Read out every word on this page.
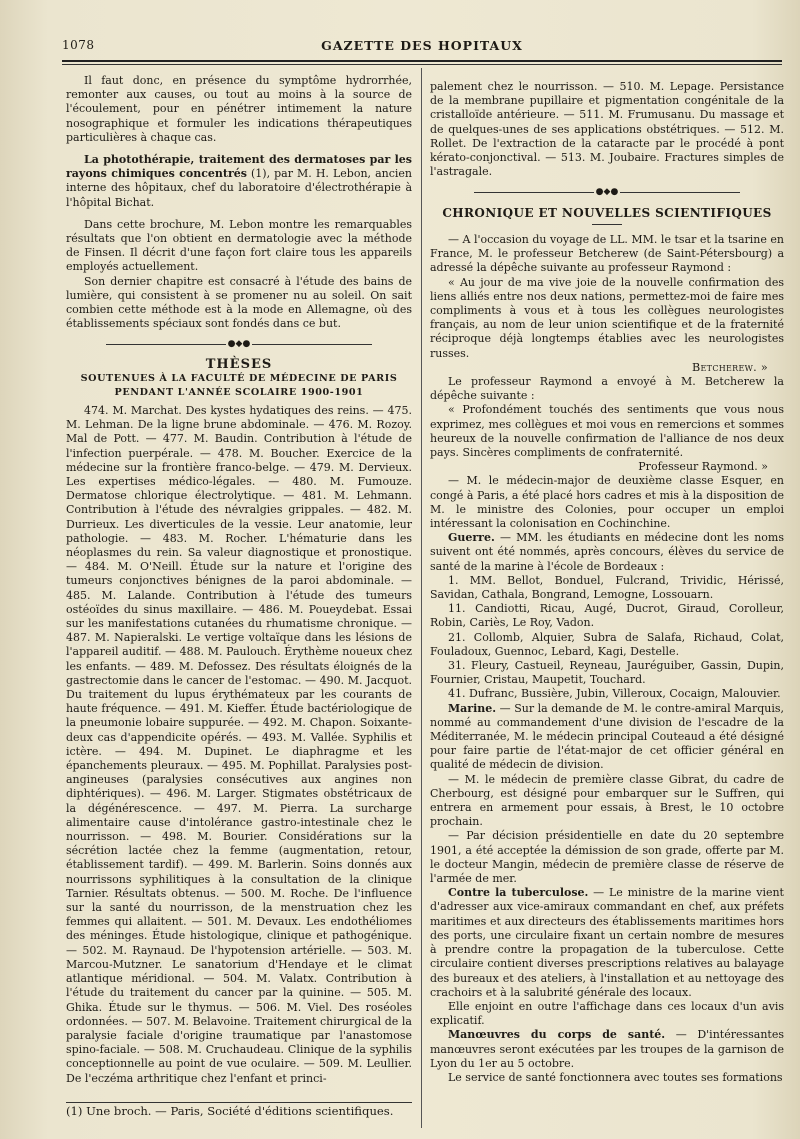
1078	GAZETTE DES HOPITAUX

Il faut donc, en présence du symptôme hydrorrhée, remonter aux causes, ou tout au moins à la source de l'écoulement, pour en pénétrer intimement la nature nosographique et formuler les indications thérapeutiques particulières à chaque cas.

La photothérapie, traitement des dermatoses par les rayons chimiques concentrés (1), par M. H. Lebon, ancien interne des hôpitaux, chef du laboratoire d'électrothérapie à l'hôpital Bichat.

Dans cette brochure, M. Lebon montre les remarquables résultats que l'on obtient en dermatologie avec la méthode de Finsen. Il décrit d'une façon fort claire tous les appareils employés actuellement.

Son dernier chapitre est consacré à l'étude des bains de lumière, qui consistent à se promener nu au soleil. On sait combien cette méthode est à la mode en Allemagne, où des établissements spéciaux sont fondés dans ce but.

●◆●
THÈSES
SOUTENUES À LA FACULTÉ DE MÉDECINE DE PARIS
PENDANT L'ANNÉE SCOLAIRE 1900-1901

474. M. Marchat. Des kystes hydatiques des reins. — 475. M. Lehman. De la ligne brune abdominale. — 476. M. Rozoy. Mal de Pott. — 477. M. Baudin. Contribution à l'étude de l'infection puerpérale. — 478. M. Boucher. Exercice de la médecine sur la frontière franco-belge. — 479. M. Dervieux. Les expertises médico-légales. — 480. M. Fumouze. Dermatose chlorique électrolytique. — 481. M. Lehmann. Contribution à l'étude des névralgies grippales. — 482. M. Durrieux. Les diverticules de la vessie. Leur anatomie, leur pathologie. — 483. M. Rocher. L'hématurie dans les néoplasmes du rein. Sa valeur diagnostique et pronostique. — 484. M. O'Neill. Étude sur la nature et l'origine des tumeurs conjonctives bénignes de la paroi abdominale. — 485. M. Lalande. Contribution à l'étude des tumeurs ostéoïdes du sinus maxillaire. — 486. M. Poueydebat. Essai sur les manifestations cutanées du rhumatisme chronique. — 487. M. Napieralski. Le vertige voltaïque dans les lésions de l'appareil auditif. — 488. M. Paulouch. Érythème noueux chez les enfants. — 489. M. Defossez. Des résultats éloignés de la gastrectomie dans le cancer de l'estomac. — 490. M. Jacquot. Du traitement du lupus érythémateux par les courants de haute fréquence. — 491. M. Kieffer. Étude bactériologique de la pneumonie lobaire suppurée. — 492. M. Chapon. Soixante-deux cas d'appendicite opérés. — 493. M. Vallée. Syphilis et ictère. — 494. M. Dupinet. Le diaphragme et les épanchements pleuraux. — 495. M. Pophillat. Paralysies post-angineuses (paralysies consécutives aux angines non diphtériques). — 496. M. Larger. Stigmates obstétricaux de la dégénérescence. — 497. M. Pierra. La surcharge alimentaire cause d'intolérance gastro-intestinale chez le nourrisson. — 498. M. Bourier. Considérations sur la sécrétion lactée chez la femme (augmentation, retour, établissement tardif). — 499. M. Barlerin. Soins donnés aux nourrissons syphilitiques à la consultation de la clinique Tarnier. Résultats obtenus. — 500. M. Roche. De l'influence sur la santé du nourrisson, de la menstruation chez les femmes qui allaitent. — 501. M. Devaux. Les endothéliomes des méninges. Étude histologique, clinique et pathogénique. — 502. M. Raynaud. De l'hypotension artérielle. — 503. M. Marcou-Mutzner. Le sanatorium d'Hendaye et le climat atlantique méridional. — 504. M. Valatx. Contribution à l'étude du traitement du cancer par la quinine. — 505. M. Ghika. Étude sur le thymus. — 506. M. Viel. Des roséoles ordonnées. — 507. M. Belavoine. Traitement chirurgical de la paralysie faciale d'origine traumatique par l'anastomose spino-faciale. — 508. M. Cruchaudeau. Clinique de la syphilis conceptionnelle au point de vue oculaire. — 509. M. Leullier. De l'eczéma arthritique chez l'enfant et princi-

(1) Une broch. — Paris, Société d'éditions scientifiques.

palement chez le nourrisson. — 510. M. Lepage. Persistance de la membrane pupillaire et pigmentation congénitale de la cristalloïde antérieure. — 511. M. Frumusanu. Du massage et de quelques-unes de ses applications obstétriques. — 512. M. Rollet. De l'extraction de la cataracte par le procédé à pont kérato-conjonctival. — 513. M. Joubaire. Fractures simples de l'astragale.

●◆●
CHRONIQUE ET NOUVELLES SCIENTIFIQUES

— A l'occasion du voyage de LL. MM. le tsar et la tsarine en France, M. le professeur Betcherew (de Saint-Pétersbourg) a adressé la dépêche suivante au professeur Raymond :

« Au jour de ma vive joie de la nouvelle confirmation des liens alliés entre nos deux nations, permettez-moi de faire mes compliments à vous et à tous les collègues neurologistes français, au nom de leur union scientifique et de la fraternité réciproque déjà longtemps établies avec les neurologistes russes.

Betcherew. »

Le professeur Raymond a envoyé à M. Betcherew la dépêche suivante :

« Profondément touchés des sentiments que vous nous exprimez, mes collègues et moi vous en remercions et sommes heureux de la nouvelle confirmation de l'alliance de nos deux pays. Sincères compliments de confraternité.

Professeur Raymond. »

— M. le médecin-major de deuxième classe Esquer, en congé à Paris, a été placé hors cadres et mis à la disposition de M. le ministre des Colonies, pour occuper un emploi intéressant la colonisation en Cochinchine.

Guerre. — MM. les étudiants en médecine dont les noms suivent ont été nommés, après concours, élèves du service de santé de la marine à l'école de Bordeaux :

1. MM. Bellot, Bonduel, Fulcrand, Trividic, Hérissé, Savidan, Cathala, Bongrand, Lemogne, Lossouarn.

11. Candiotti, Ricau, Augé, Ducrot, Giraud, Corolleur, Robin, Cariès, Le Roy, Vadon.

21. Collomb, Alquier, Subra de Salafa, Richaud, Colat, Fouladoux, Guennoc, Lebard, Kagi, Destelle.

31. Fleury, Castueil, Reyneau, Jauréguiber, Gassin, Dupin, Fournier, Cristau, Maupetit, Touchard.

41. Dufranc, Bussière, Jubin, Villeroux, Cocaign, Malouvier.

Marine. — Sur la demande de M. le contre-amiral Marquis, nommé au commandement d'une division de l'escadre de la Méditerranée, M. le médecin principal Couteaud a été désigné pour faire partie de l'état-major de cet officier général en qualité de médecin de division.

— M. le médecin de première classe Gibrat, du cadre de Cherbourg, est désigné pour embarquer sur le Suffren, qui entrera en armement pour essais, à Brest, le 10 octobre prochain.

— Par décision présidentielle en date du 20 septembre 1901, a été acceptée la démission de son grade, offerte par M. le docteur Mangin, médecin de première classe de réserve de l'armée de mer.

Contre la tuberculose. — Le ministre de la marine vient d'adresser aux vice-amiraux commandant en chef, aux préfets maritimes et aux directeurs des établissements maritimes hors des ports, une circulaire fixant un certain nombre de mesures à prendre contre la propagation de la tuberculose. Cette circulaire contient diverses prescriptions relatives au balayage des bureaux et des ateliers, à l'installation et au nettoyage des crachoirs et à la salubrité générale des locaux.

Elle enjoint en outre l'affichage dans ces locaux d'un avis explicatif.

Manœuvres du corps de santé. — D'intéressantes manœuvres seront exécutées par les troupes de la garnison de Lyon du 1er au 5 octobre.

Le service de santé fonctionnera avec toutes ses formations
